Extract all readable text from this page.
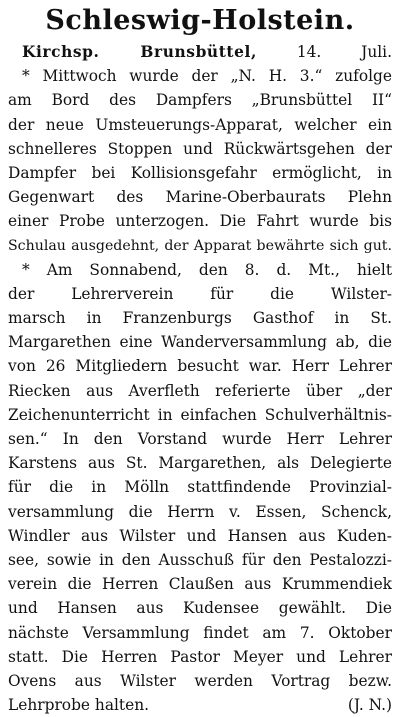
Schleswig-Holstein.
Kirchsp. Brunsbüttel,	14. Juli.
* Mittwoch wurde der „N. H. 3.“ zufolge
am Bord des Dampfers „Brunsbüttel II“
der neue Umsteuerungs-Apparat, welcher ein
schnelleres Stoppen und Rückwärtsgehen der
Dampfer bei Kollisionsgefahr ermöglicht, in
Gegenwart des Marine-Oberbaurats Plehn
einer Probe unterzogen. Die Fahrt wurde bis
Schulau ausgedehnt, der Apparat bewährte sich gut.
* Am Sonnabend, den 8. d. Mt., hielt
der Lehrerverein für die Wilster-
marsch in Franzenburgs Gasthof in St.
Margarethen eine Wanderversammlung ab, die
von 26 Mitgliedern besucht war. Herr Lehrer
Riecken aus Averfleth referierte über „der
Zeichenunterricht in einfachen Schulverhältnis-
sen.“ In den Vorstand wurde Herr Lehrer
Karstens aus St. Margarethen, als Delegierte
für die in Mölln stattfindende Provinzial-
versammlung die Herrn v. Essen, Schenck,
Windler aus Wilster und Hansen aus Kuden-
see, sowie in den Ausschuß für den Pestalozzi-
verein die Herren Claußen aus Krummendiek
und Hansen aus Kudensee gewählt. Die
nächste Versammlung findet am 7. Oktober
statt. Die Herren Pastor Meyer und Lehrer
Ovens aus Wilster werden Vortrag bezw.
Lehrprobe halten.	(J. N.)
